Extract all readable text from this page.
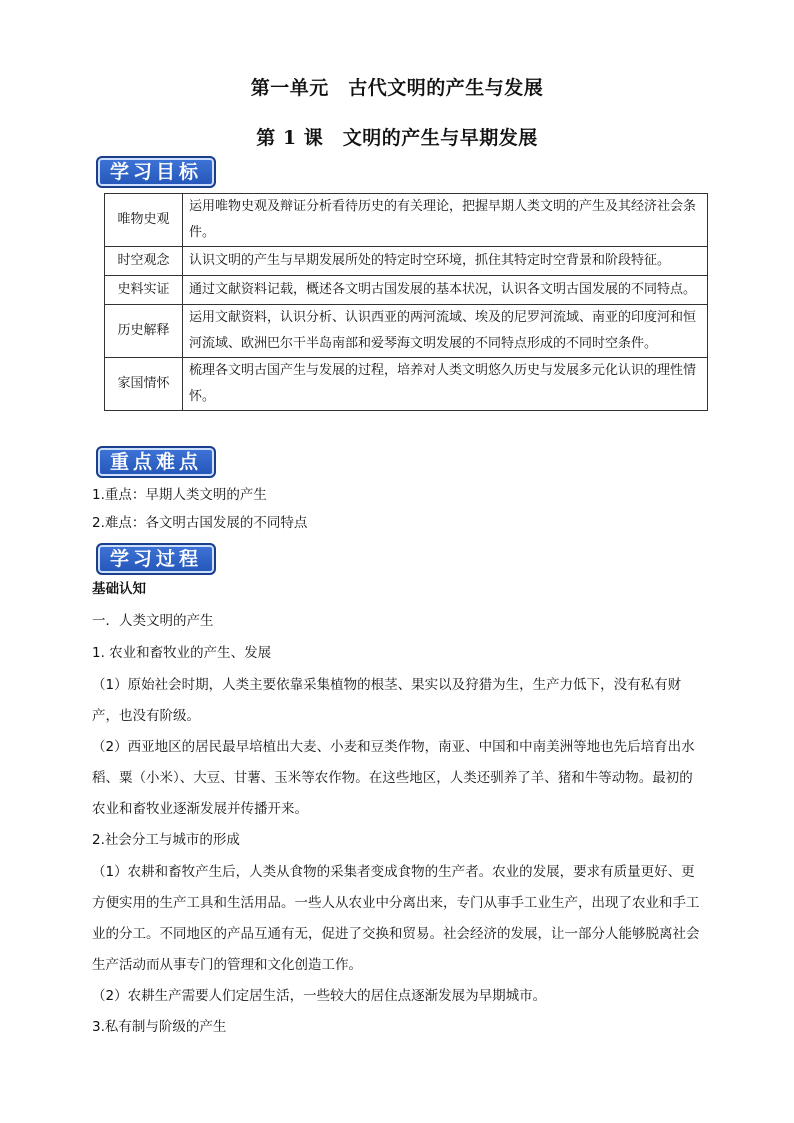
第一单元　古代文明的产生与发展
第 1 课　文明的产生与早期发展
学习目标
唯物史观	运用唯物史观及辩证分析看待历史的有关理论，把握早期人类文明的产生及其经济社会条件。
时空观念	认识文明的产生与早期发展所处的特定时空环境，抓住其特定时空背景和阶段特征。
史料实证	通过文献资料记载，概述各文明古国发展的基本状况，认识各文明古国发展的不同特点。
历史解释	运用文献资料，认识分析、认识西亚的两河流域、埃及的尼罗河流域、南亚的印度河和恒河流域、欧洲巴尔干半岛南部和爱琴海文明发展的不同特点形成的不同时空条件。
家国情怀	梳理各文明古国产生与发展的过程，培养对人类文明悠久历史与发展多元化认识的理性情怀。
重点难点
1.重点：早期人类文明的产生
2.难点：各文明古国发展的不同特点
学习过程
基础认知
一．人类文明的产生
1. 农业和畜牧业的产生、发展
（1）原始社会时期，人类主要依靠采集植物的根茎、果实以及狩猎为生，生产力低下，没有私有财产，也没有阶级。
（2）西亚地区的居民最早培植出大麦、小麦和豆类作物，南亚、中国和中南美洲等地也先后培育出水稻、粟（小米）、大豆、甘薯、玉米等农作物。在这些地区，人类还驯养了羊、猪和牛等动物。最初的农业和畜牧业逐渐发展并传播开来。
2.社会分工与城市的形成
（1）农耕和畜牧产生后，人类从食物的采集者变成食物的生产者。农业的发展，要求有质量更好、更方便实用的生产工具和生活用品。一些人从农业中分离出来，专门从事手工业生产，出现了农业和手工业的分工。不同地区的产品互通有无，促进了交换和贸易。社会经济的发展，让一部分人能够脱离社会生产活动而从事专门的管理和文化创造工作。
（2）农耕生产需要人们定居生活，一些较大的居住点逐渐发展为早期城市。
3.私有制与阶级的产生
